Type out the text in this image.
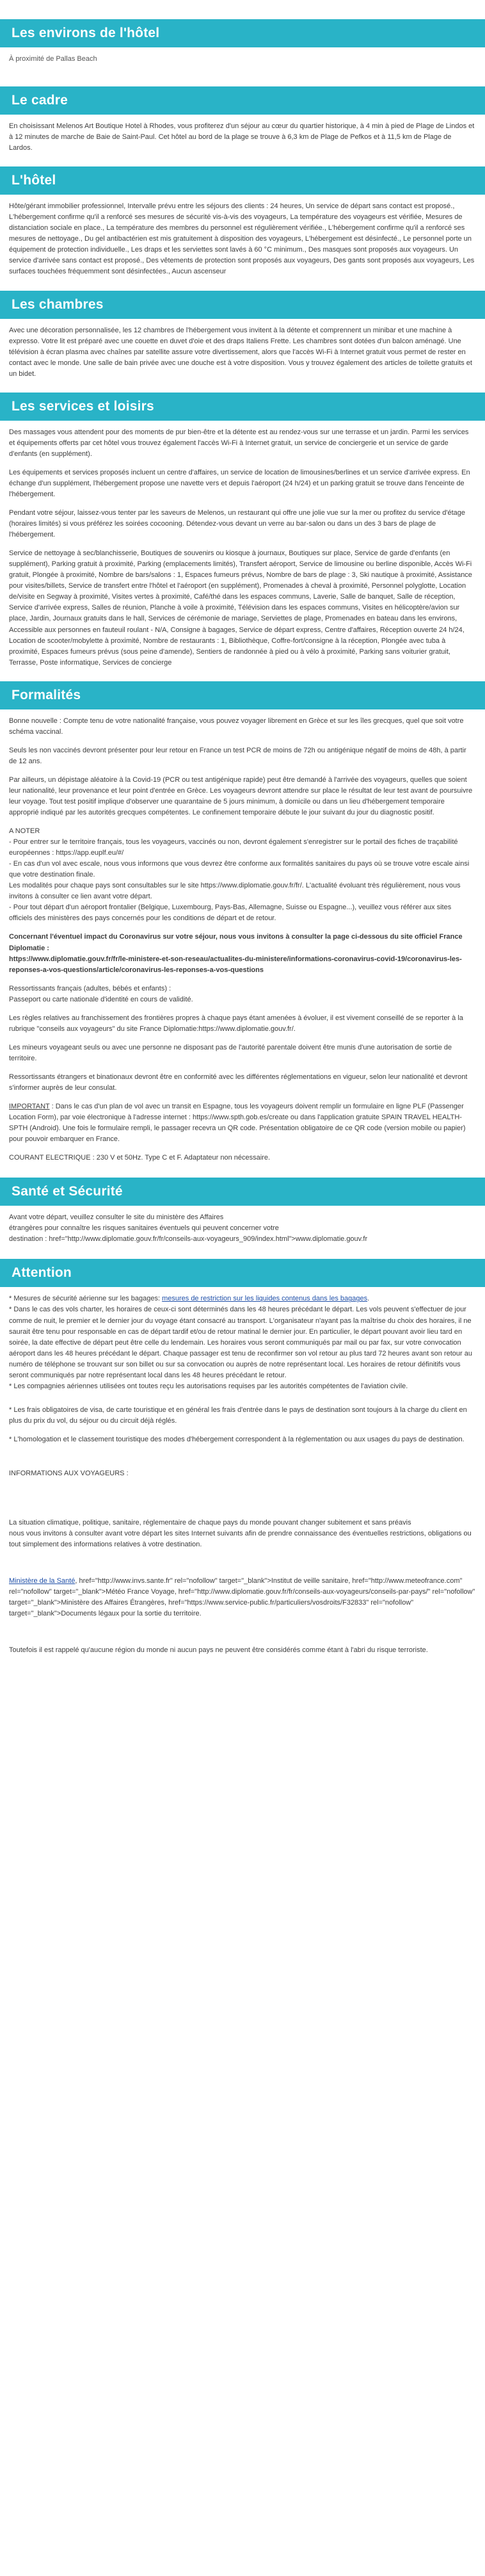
Les environs de l'hôtel

À proximité de Pallas Beach

Le cadre

En choisissant Melenos Art Boutique Hotel à Rhodes, vous profiterez d'un séjour au cœur du quartier historique, à 4 min à pied de Plage de Lindos et à 12 minutes de marche de Baie de Saint-Paul. Cet hôtel au bord de la plage se trouve à 6,3 km de Plage de Pefkos et à 11,5 km de Plage de Lardos.

L'hôtel

Hôte/gérant immobilier professionnel, Intervalle prévu entre les séjours des clients : 24 heures, Un service de départ sans contact est proposé., L'hébergement confirme qu'il a renforcé ses mesures de sécurité vis-à-vis des voyageurs, La température des voyageurs est vérifiée, Mesures de distanciation sociale en place., La température des membres du personnel est régulièrement vérifiée., L'hébergement confirme qu'il a renforcé ses mesures de nettoyage., Du gel antibactérien est mis gratuitement à disposition des voyageurs, L'hébergement est désinfecté., Le personnel porte un équipement de protection individuelle., Les draps et les serviettes sont lavés à 60 °C minimum., Des masques sont proposés aux voyageurs. Un service d'arrivée sans contact est proposé., Des vêtements de protection sont proposés aux voyageurs, Des gants sont proposés aux voyageurs, Les surfaces touchées fréquemment sont désinfectées., Aucun ascenseur

Les chambres

Avec une décoration personnalisée, les 12 chambres de l'hébergement vous invitent à la détente et comprennent un minibar et une machine à expresso. Votre lit est préparé avec une couette en duvet d'oie et des draps Italiens Frette. Les chambres sont dotées d'un balcon aménagé. Une télévision à écran plasma avec chaînes par satellite assure votre divertissement, alors que l'accès Wi-Fi à Internet gratuit vous permet de rester en contact avec le monde. Une salle de bain privée avec une douche est à votre disposition. Vous y trouvez également des articles de toilette gratuits et un bidet.

Les services et loisirs

Des massages vous attendent pour des moments de pur bien-être et la détente est au rendez-vous sur une terrasse et un jardin. Parmi les services et équipements offerts par cet hôtel vous trouvez également l'accès Wi-Fi à Internet gratuit, un service de conciergerie et un service de garde d'enfants (en supplément).

Les équipements et services proposés incluent un centre d'affaires, un service de location de limousines/berlines et un service d'arrivée express. En échange d'un supplément, l'hébergement propose une navette vers et depuis l'aéroport (24 h/24) et un parking gratuit se trouve dans l'enceinte de l'hébergement.

Pendant votre séjour, laissez-vous tenter par les saveurs de Melenos, un restaurant qui offre une jolie vue sur la mer ou profitez du service d'étage (horaires limités) si vous préférez les soirées cocooning. Détendez-vous devant un verre au bar-salon ou dans un des 3 bars de plage de l'hébergement.

Service de nettoyage à sec/blanchisserie, Boutiques de souvenirs ou kiosque à journaux, Boutiques sur place, Service de garde d'enfants (en supplément), Parking gratuit à proximité, Parking (emplacements limités), Transfert aéroport, Service de limousine ou berline disponible, Accès Wi-Fi gratuit, Plongée à proximité, Nombre de bars/salons : 1, Espaces fumeurs prévus, Nombre de bars de plage : 3, Ski nautique à proximité, Assistance pour visites/billets, Service de transfert entre l'hôtel et l'aéroport (en supplément), Promenades à cheval à proximité, Personnel polyglotte, Location de/visite en Segway à proximité, Visites vertes à proximité, Café/thé dans les espaces communs, Laverie, Salle de banquet, Salle de réception, Service d'arrivée express, Salles de réunion, Planche à voile à proximité, Télévision dans les espaces communs, Visites en hélicoptère/avion sur place, Jardin, Journaux gratuits dans le hall, Services de cérémonie de mariage, Serviettes de plage, Promenades en bateau dans les environs, Accessible aux personnes en fauteuil roulant - N/A, Consigne à bagages, Service de départ express, Centre d'affaires, Réception ouverte 24 h/24, Location de scooter/mobylette à proximité, Nombre de restaurants : 1, Bibliothèque, Coffre-fort/consigne à la réception, Plongée avec tuba à proximité, Espaces fumeurs prévus (sous peine d'amende), Sentiers de randonnée à pied ou à vélo à proximité, Parking sans voiturier gratuit, Terrasse, Poste informatique, Services de concierge

Formalités

Bonne nouvelle : Compte tenu de votre nationalité française, vous pouvez voyager librement en Grèce et sur les îles grecques, quel que soit votre schéma vaccinal.

Seuls les non vaccinés devront présenter pour leur retour en France un test PCR de moins de 72h ou antigénique négatif de moins de 48h, à partir de 12 ans.

Par ailleurs, un dépistage aléatoire à la Covid-19 (PCR ou test antigénique rapide) peut être demandé à l'arrivée des voyageurs, quelles que soient leur nationalité, leur provenance et leur point d'entrée en Grèce. Les voyageurs devront attendre sur place le résultat de leur test avant de poursuivre leur voyage. Tout test positif implique d'observer une quarantaine de 5 jours minimum, à domicile ou dans un lieu d'hébergement temporaire approprié indiqué par les autorités grecques compétentes. Le confinement temporaire débute le jour suivant du jour du diagnostic positif.

A NOTER
- Pour entrer sur le territoire français, tous les voyageurs, vaccinés ou non, devront également s'enregistrer sur le portail des fiches de traçabilité européennes : https://app.euplf.eu/#/
- En cas d'un vol avec escale, nous vous informons que vous devrez être conforme aux formalités sanitaires du pays où se trouve votre escale ainsi que votre destination finale.
Les modalités pour chaque pays sont consultables sur le site https://www.diplomatie.gouv.fr/fr/. L'actualité évoluant très régulièrement, nous vous invitons à consulter ce lien avant votre départ.
- Pour tout départ d'un aéroport frontalier (Belgique, Luxembourg, Pays-Bas, Allemagne, Suisse ou Espagne...), veuillez vous référer aux sites officiels des ministères des pays concernés pour les conditions de départ et de retour.

Concernant l'éventuel impact du Coronavirus sur votre séjour, nous vous invitons à consulter la page ci-dessous du site officiel France Diplomatie :
https://www.diplomatie.gouv.fr/fr/le-ministere-et-son-reseau/actualites-du-ministere/informations-coronavirus-covid-19/coronavirus-les-reponses-a-vos-questions/article/coronavirus-les-reponses-a-vos-questions

Ressortissants français (adultes, bébés et enfants) :
Passeport ou carte nationale d'identité en cours de validité.

Les règles relatives au franchissement des frontières propres à chaque pays étant amenées à évoluer, il est vivement conseillé de se reporter à la rubrique "conseils aux voyageurs" du site France Diplomatie:https://www.diplomatie.gouv.fr/.

Les mineurs voyageant seuls ou avec une personne ne disposant pas de l'autorité parentale doivent être munis d'une autorisation de sortie de territoire.

Ressortissants étrangers et binationaux devront être en conformité avec les différentes réglementations en vigueur, selon leur nationalité et devront s'informer auprès de leur consulat.

IMPORTANT : Dans le cas d'un plan de vol avec un transit en Espagne, tous les voyageurs doivent remplir un formulaire en ligne PLF (Passenger Location Form), par voie électronique à l'adresse internet : https://www.spth.gob.es/create ou dans l'application gratuite SPAIN TRAVEL HEALTH-SPTH (Android). Une fois le formulaire rempli, le passager recevra un QR code. Présentation obligatoire de ce QR code (version mobile ou papier) pour pouvoir embarquer en France.

COURANT ELECTRIQUE : 230 V et 50Hz. Type C et F. Adaptateur non nécessaire.

Santé et Sécurité

Avant votre départ, veuillez consulter le site du ministère des Affaires
étrangères pour connaître les risques sanitaires éventuels qui peuvent concerner votre
destination : href="http://www.diplomatie.gouv.fr/fr/conseils-aux-voyageurs_909/index.html">www.diplomatie.gouv.fr

Attention

* Mesures de sécurité aérienne sur les bagages: mesures de restriction sur les liquides contenus dans les bagages.
* Dans le cas des vols charter, les horaires de ceux-ci sont déterminés dans les 48 heures précédant le départ. Les vols peuvent s'effectuer de jour comme de nuit, le premier et le dernier jour du voyage étant consacré au transport. L'organisateur n'ayant pas la maîtrise du choix des horaires, il ne saurait être tenu pour responsable en cas de départ tardif et/ou de retour matinal le dernier jour. En particulier, le départ pouvant avoir lieu tard en soirée, la date effective de départ peut être celle du lendemain. Les horaires vous seront communiqués par mail ou par fax, sur votre convocation aéroport dans les 48 heures précédant le départ. Chaque passager est tenu de reconfirmer son vol retour au plus tard 72 heures avant son retour au numéro de téléphone se trouvant sur son billet ou sur sa convocation ou auprès de notre représentant local. Les horaires de retour définitifs vous seront communiqués par notre représentant local dans les 48 heures précédant le retour.
* Les compagnies aériennes utilisées ont toutes reçu les autorisations requises par les autorités compétentes de l'aviation civile.

* Les frais obligatoires de visa, de carte touristique et en général les frais d'entrée dans le pays de destination sont toujours à la charge du client en plus du prix du vol, du séjour ou du circuit déjà réglés.

* L'homologation et le classement touristique des modes d'hébergement correspondent à la réglementation ou aux usages du pays de destination.

INFORMATIONS AUX VOYAGEURS :

La situation climatique, politique, sanitaire, réglementaire de chaque pays du monde pouvant changer subitement et sans préavis
nous vous invitons à consulter avant votre départ les sites Internet suivants afin de prendre connaissance des éventuelles restrictions, obligations ou tout simplement des informations relatives à votre destination.

Ministère de la Santé, href="http://www.invs.sante.fr" rel="nofollow" target="_blank">Institut de veille sanitaire, href="http://www.meteofrance.com" rel="nofollow" target="_blank">Météo France Voyage, href="http://www.diplomatie.gouv.fr/fr/conseils-aux-voyageurs/conseils-par-pays/" rel="nofollow" target="_blank">Ministère des Affaires Étrangères, href="https://www.service-public.fr/particuliers/vosdroits/F32833" rel="nofollow" target="_blank">Documents légaux pour la sortie du territoire.

Toutefois il est rappelé qu'aucune région du monde ni aucun pays ne peuvent être considérés comme étant à l'abri du risque terroriste.
